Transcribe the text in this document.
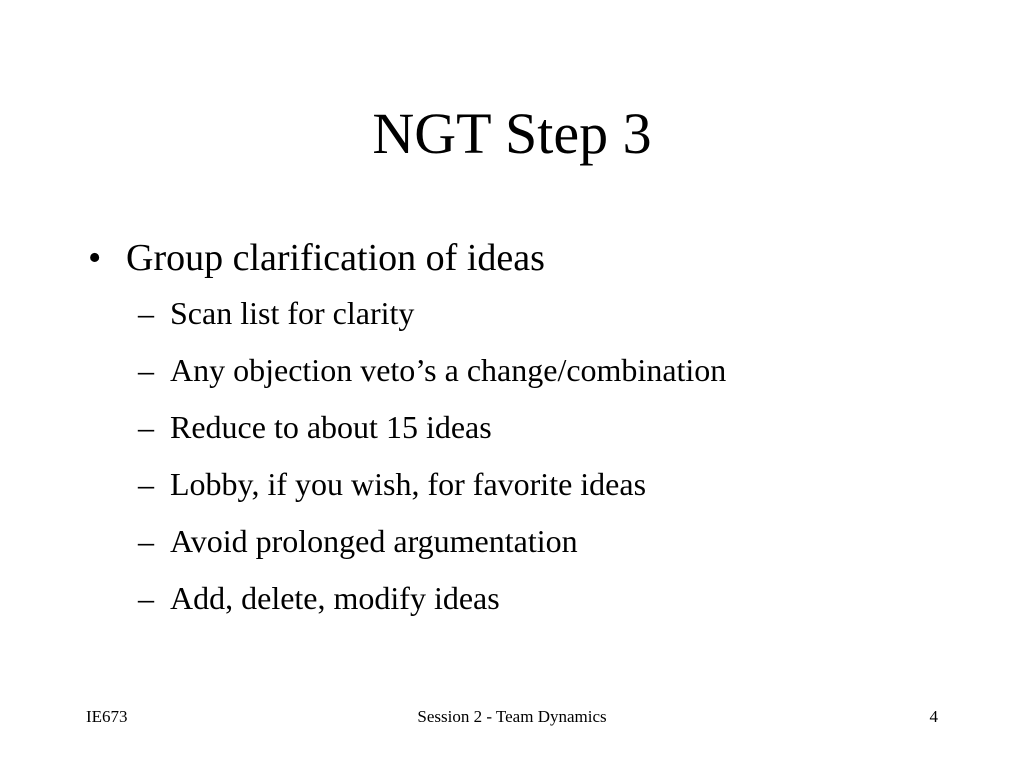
NGT Step 3
• Group clarification of ideas
– Scan list for clarity
– Any objection veto’s a change/combination
– Reduce to about 15 ideas
– Lobby, if you wish, for favorite ideas
– Avoid prolonged argumentation
– Add, delete, modify ideas
Session 2 - Team Dynamics
IE673	4
